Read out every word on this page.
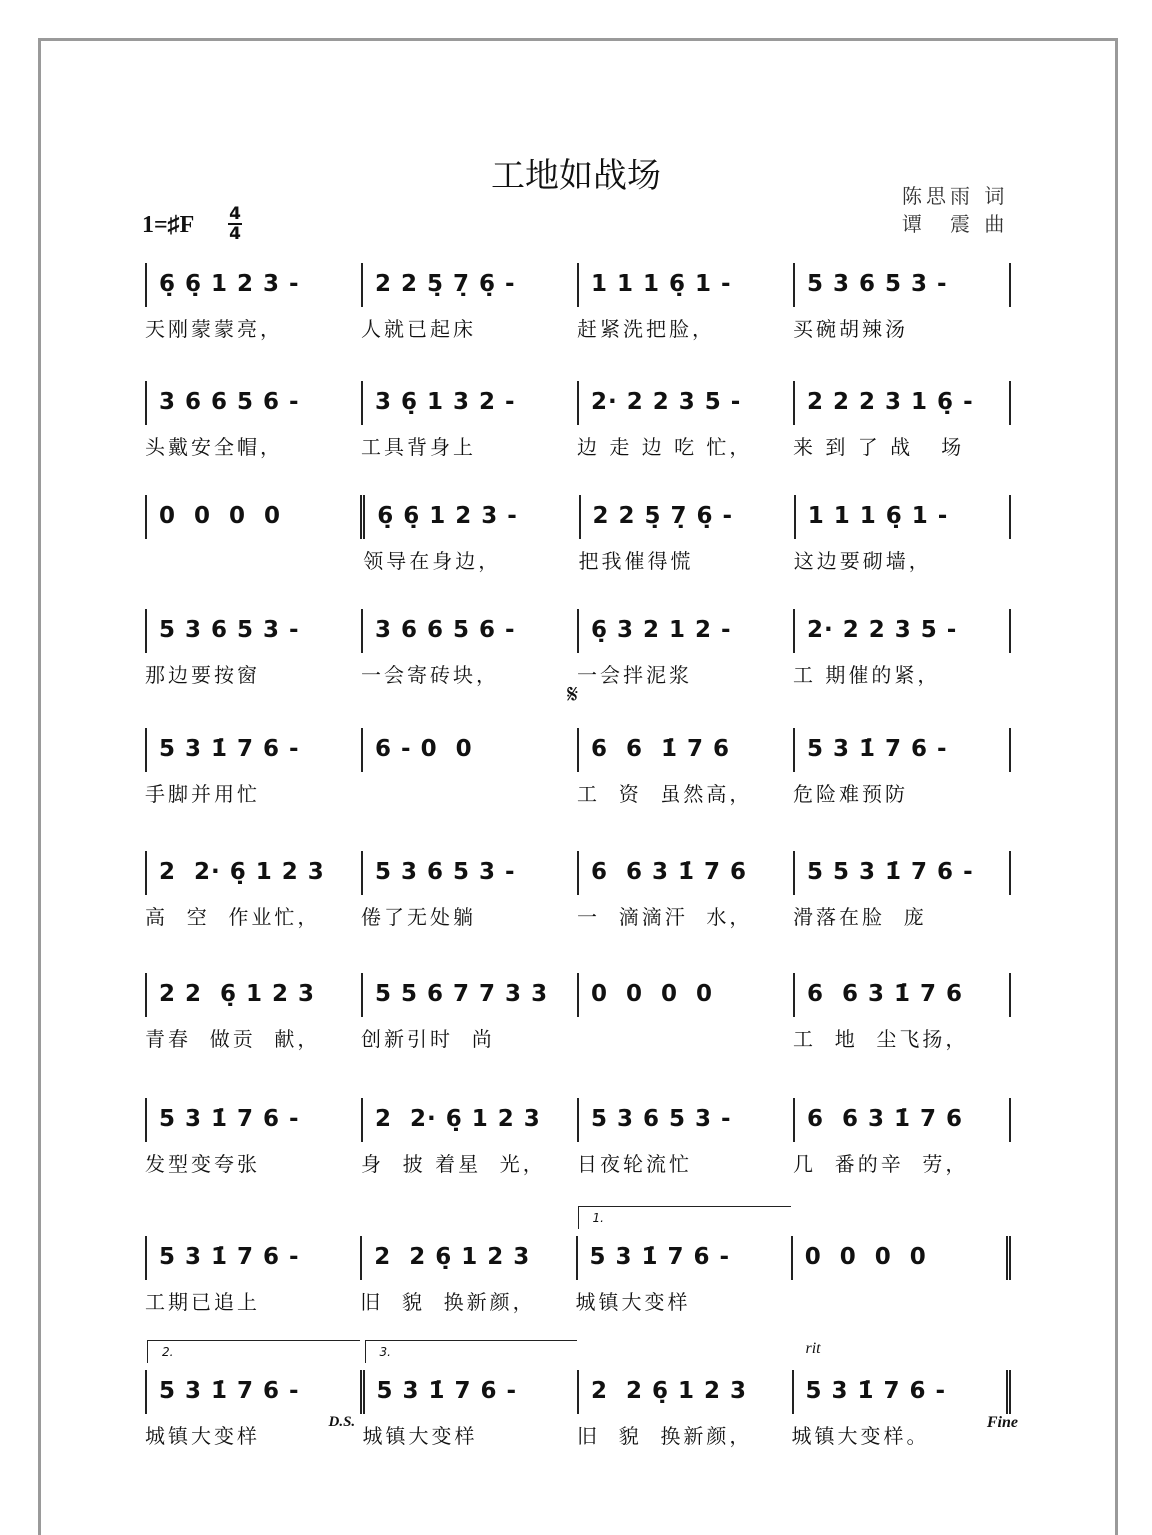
工地如战场	陈思雨 词
谭　震 曲
1=♯F 4
4
6̣ 6̣ 1 2 3 -
天刚蒙蒙亮，
2 2 5̣ 7̣ 6̣ -
人就已起床
1 1 1 6̣ 1 -
赶紧洗把脸，
5 3 6 5 3 -
买碗胡辣汤
3 6 6 5 6 -
头戴安全帽，
3 6̣ 1 3 2 -
工具背身上
2· 2 2 3 5 -
边 走 边 吃 忙，
2 2 2 3 1 6̣ -
来 到 了 战   场
0  0  0  0	6̣ 6̣ 1 2 3 -
领导在身边，
2 2 5̣ 7̣ 6̣ -
把我催得慌
1 1 1 6̣ 1 -
这边要砌墙，
5 3 6 5 3 -
那边要按窗
3 6 6 5 6 -
一会寄砖块，
6̣ 3 2 1 2 -
一会拌泥浆
2· 2 2 3 5 -
工 期催的紧，
5 3 1̇ 7 6 -
手脚并用忙
6 - 0  0	6  6  1̇ 7 6
工  资  虽然高，
𝄋
5 3 1̇ 7 6 -
危险难预防
2  2· 6̣ 1 2 3
高  空  作业忙，
5 3 6 5 3 -
倦了无处躺
6  6 3 1̇ 7 6
一  滴滴汗  水，
5 5 3 1̇ 7 6 -
滑落在脸  庞
2 2  6̣ 1 2 3
青春  做贡  献，
5 5 6 7 7 3 3
创新引时  尚
0  0  0  0	6  6 3 1̇ 7 6
工  地  尘飞扬，
5 3 1̇ 7 6 -
发型变夸张
2  2· 6̣ 1 2 3
身  披 着星  光，
5 3 6 5 3 -
日夜轮流忙
6  6 3 1̇ 7 6
几  番的辛  劳，
5 3 1̇ 7 6 -
工期已追上
2  2 6̣ 1 2 3
旧  貌  换新颜，
5 3 1̇ 7 6 -
城镇大变样
1.
0  0  0  0
5 3 1̇ 7 6 -
城镇大变样
2.
5 3 1̇ 7 6 -
城镇大变样
3.
D.S.
2  2 6̣ 1 2 3
旧  貌  换新颜，
5 3 1̇ 7 6 -
城镇大变样。
rit
Fine
